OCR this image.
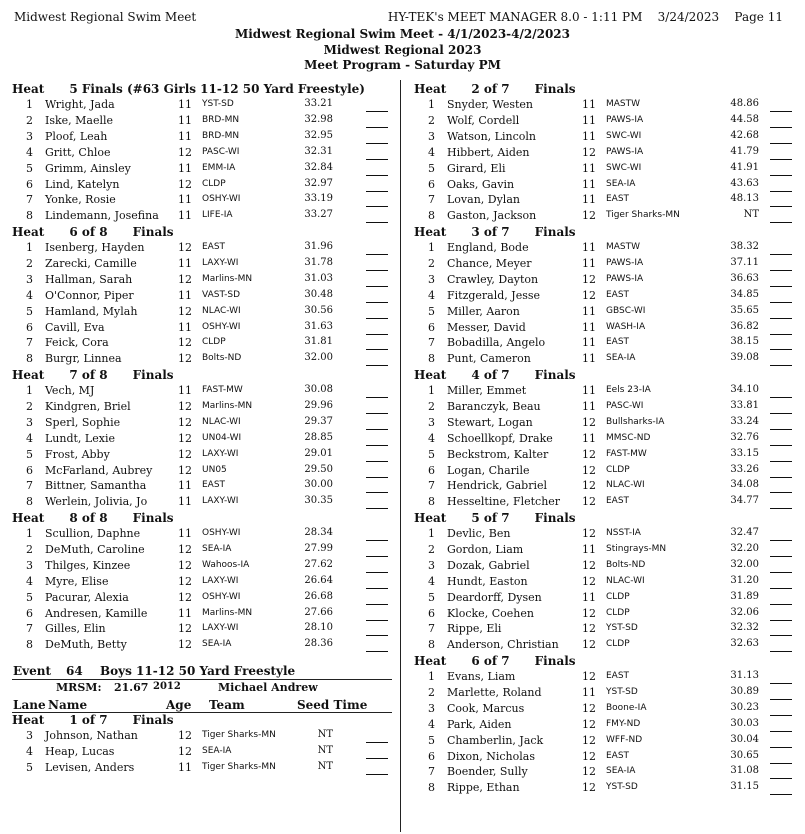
Midwest Regional Swim Meet	HY-TEK's MEET MANAGER 8.0 - 1:11 PM    3/24/2023    Page 11
Midwest Regional Swim Meet - 4/1/2023-4/2/2023
Midwest Regional 2023
Meet Program - Saturday PM
Heat      5 Finals (#63 Girls 11-12 50 Yard Freestyle)
1 Wright, Jada	11 YST-SD	33.21
2 Iske, Maelle	11 BRD-MN	32.98
3 Ploof, Leah	11 BRD-MN	32.95
4 Gritt, Chloe	12 PASC-WI	32.31
5 Grimm, Ainsley	11 EMM-IA	32.84
6 Lind, Katelyn	12 CLDP	32.97
7 Yonke, Rosie	11 OSHY-WI	33.19
8 Lindemann, Josefina 11 LIFE-IA	33.27
Heat      6 of 8      Finals
1 Isenberg, Hayden	12 EAST	31.96
2 Zarecki, Camille	11 LAXY-WI	31.78
3 Hallman, Sarah	12 Marlins-MN	31.03
4 O'Connor, Piper	11 VAST-SD	30.48
5 Hamland, Mylah	12 NLAC-WI	30.56
6 Cavill, Eva	11 OSHY-WI	31.63
7 Feick, Cora	12 CLDP	31.81
8 Burgr, Linnea	12 Bolts-ND	32.00
Heat      7 of 8      Finals
1 Vech, MJ	11 FAST-MW	30.08
2 Kindgren, Briel	12 Marlins-MN	29.96
3 Sperl, Sophie	12 NLAC-WI	29.37
4 Lundt, Lexie	12 UN04-WI	28.85
5 Frost, Abby	12 LAXY-WI	29.01
6 McFarland, Aubrey 12 UN05	29.50
7 Bittner, Samantha	11 EAST	30.00
8 Werlein, Jolivia, Jo	11 LAXY-WI	30.35
Heat      8 of 8      Finals
1 Scullion, Daphne	11 OSHY-WI	28.34
2 DeMuth, Caroline	12 SEA-IA	27.99
3 Thilges, Kinzee	12 Wahoos-IA	27.62
4 Myre, Elise	12 LAXY-WI	26.64
5 Pacurar, Alexia	12 OSHY-WI	26.68
6 Andresen, Kamille	11 Marlins-MN	27.66
7 Gilles, Elin	12 LAXY-WI	28.10
8 DeMuth, Betty	12 SEA-IA	28.36
Heat      1 of 7      Finals
3 Johnson, Nathan	12 Tiger Sharks-MN	NT
4 Heap, Lucas	12 SEA-IA	NT
5 Levisen, Anders	11 Tiger Sharks-MN	NT
Heat      2 of 7      Finals
1 Snyder, Westen	11 MASTW	48.86
2 Wolf, Cordell	11 PAWS-IA	44.58
3 Watson, Lincoln	11 SWC-WI	42.68
4 Hibbert, Aiden	12 PAWS-IA	41.79
5 Girard, Eli	11 SWC-WI	41.91
6 Oaks, Gavin	11 SEA-IA	43.63
7 Lovan, Dylan	11 EAST	48.13
8 Gaston, Jackson	12 Tiger Sharks-MN	NT
Heat      3 of 7      Finals
1 England, Bode	11 MASTW	38.32
2 Chance, Meyer	11 PAWS-IA	37.11
3 Crawley, Dayton	12 PAWS-IA	36.63
4 Fitzgerald, Jesse	12 EAST	34.85
5 Miller, Aaron	11 GBSC-WI	35.65
6 Messer, David	11 WASH-IA	36.82
7 Bobadilla, Angelo	11 EAST	38.15
8 Punt, Cameron	11 SEA-IA	39.08
Heat      4 of 7      Finals
1 Miller, Emmet	11 Eels 23-IA	34.10
2 Baranczyk, Beau	11 PASC-WI	33.81
3 Stewart, Logan	12 Bullsharks-IA	33.24
4 Schoellkopf, Drake	11 MMSC-ND	32.76
5 Beckstrom, Kalter	12 FAST-MW	33.15
6 Logan, Charile	12 CLDP	33.26
7 Hendrick, Gabriel	12 NLAC-WI	34.08
8 Hesseltine, Fletcher 12 EAST	34.77
Heat      5 of 7      Finals
1 Devlic, Ben	12 NSST-IA	32.47
2 Gordon, Liam	11 Stingrays-MN	32.20
3 Dozak, Gabriel	12 Bolts-ND	32.00
4 Hundt, Easton	12 NLAC-WI	31.20
5 Deardorff, Dysen	11 CLDP	31.89
6 Klocke, Coehen	12 CLDP	32.06
7 Rippe, Eli	12 YST-SD	32.32
8 Anderson, Christian 12 CLDP	32.63
Heat      6 of 7      Finals
1 Evans, Liam	12 EAST	31.13
2 Marlette, Roland	11 YST-SD	30.89
3 Cook, Marcus	12 Boone-IA	30.23
4 Park, Aiden	12 FMY-ND	30.03
5 Chamberlin, Jack	12 WFF-ND	30.04
6 Dixon, Nicholas	12 EAST	30.65
7 Boender, Sully	12 SEA-IA	31.08
8 Rippe, Ethan	12 YST-SD	31.15
Event 64 Boys 11-12 50 Yard Freestyle
MRSM: 21.67 2012	Michael Andrew
Lane Name	Age Team	Seed Time
